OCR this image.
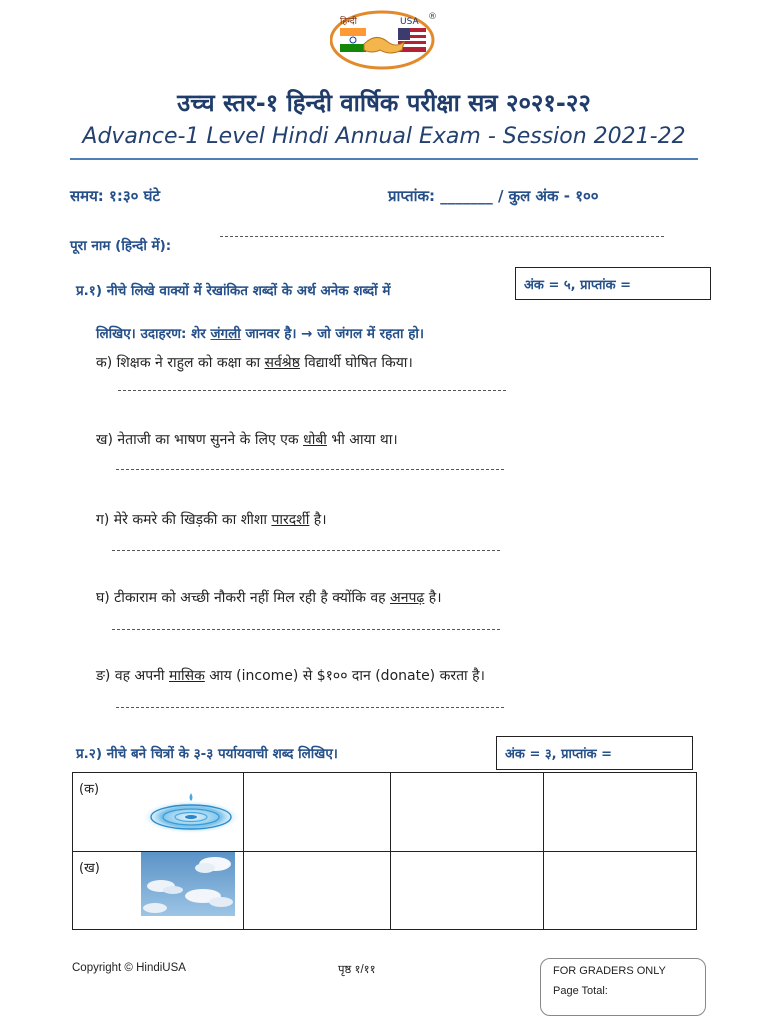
हिन्दी	USA ®
उच्च स्तर-१ हिन्दी वार्षिक परीक्षा सत्र २०२१-२२
Advance-1 Level Hindi Annual Exam - Session 2021-22
समय: १:३० घंटे	प्राप्तांक: _______ / कुल अंक - १००
पूरा नाम (हिन्दी में):
प्र.१) नीचे लिखे वाक्यों में रेखांकित शब्दों के अर्थ अनेक शब्दों में	अंक = ५, प्राप्तांक =
लिखिए। उदाहरण: शेर जंगली जानवर है। → जो जंगल में रहता हो।
क) शिक्षक ने राहुल को कक्षा का सर्वश्रेष्ठ विद्यार्थी घोषित किया।
ख) नेताजी का भाषण सुनने के लिए एक धोबी भी आया था।
ग) मेरे कमरे की खिड़की का शीशा पारदर्शी है।
घ) टीकाराम को अच्छी नौकरी नहीं मिल रही है क्योंकि वह अनपढ़ है।
ङ) वह अपनी मासिक आय (income) से $१०० दान (donate) करता है।
प्र.२) नीचे बने चित्रों के ३-३ पर्यायवाची शब्द लिखिए।	अंक = ३, प्राप्तांक =
(क)			

(ख)			

Copyright © HindiUSA	पृष्ठ १/११	FOR GRADERS ONLY
Page Total:
